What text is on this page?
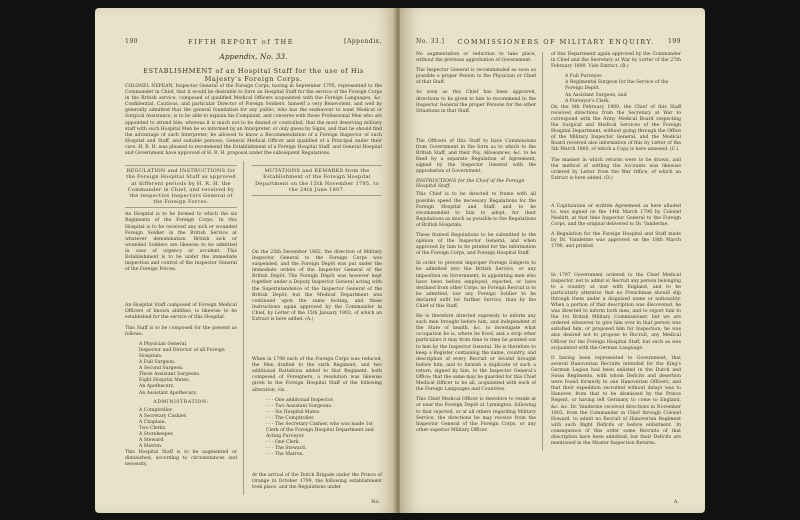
190	FIFTH REPORT of THE	[Appendix,
Appendix, No. 33.
ESTABLISHMENT of an Hospital Staff for the use of His Majesty's Foreign Corps.

COLONEL NEPEAN, Inspector General of the Foreign Corps, having in September 1795, represented to the Commander in Chief, that it would be desirable to form an Hospital Staff for the service of the Foreign Corps in the British service, composed of qualified Medical Officers acquainted with the Foreign Languages, &c. Confidential, Cautious, and particular Director of Foreign Soldiers, himself a very Benevolent, and well by generally admitted that the general foundation for any public, who has the endeavour to want Medical or Surgical Assistance, is to be able to explain his Complaint, and converse with those Professional Men who are appointed to attend him; whereas it is much not to be denied or controlled, that the most deserving military staff with such Hospital Men be so informed by an Interpreter, or only guess by Signs, and that he should find the advantage of such Interpreter, be allowed to know a Recommendation of a Foreign Inspector of such Hospital and Staff, and suitable persons, General Medical Officer and qualified of a Principal under their care. H. R. H. was pleased to recommend the Establishment of a Foreign Hospital Staff, and General Hospital and Government have approved of H. R. H. proposal under the subsequent Regulations.

REGULATION and INSTRUCTIONS for the Foreign Hospital Staff as approved at different periods by H. R. H. the Commander in Chief, and received by the respective Inspectors General of the Foreign Forces.

An Hospital is to be formed to which the six Regiments of the Foreign Corps. In this Hospital is to be received any sick or wounded Foreign Soldier in the British Service at whatever denomination. British sick or wounded Soldiers are likewise to be admitted in case of urgency or accident. This Establishment is to be under the immediate inspection and control of the Inspector General of the Foreign Forces.

An Hospital Staff composed of Foreign Medical Officers of known abilities, is likewise to be established for the service of this Hospital.

This Staff is to be composed for the present as follows:

A Physician General.
Inspector and Director of all Foreign Hospitals.
A Full Surgeon.
A Second Surgeon.
Three Assistant Surgeons.
Eight Hospital Mates.
An Apothecary.
An Assistant Apothecary.
ADMINISTRATION:
A Comptroller.
A Secretary Cashier.
A Chaplain.
Two Clerks.
A Storekeeper.
A Steward.
A Matron.

This Hospital Staff is to be augmented or diminished, according to circumstances and necessity.

MUTATIONS and REMARKS from the Establishment of the Foreign Hospital Department on the 15th November 1795, to the 24th June 1807.

On the 25th December 1802, the direction of Military Inspector General to the Foreign Corps was suspended, and the Foreign Depôt was put under the immediate orders of the Inspector General of the British Depôt. The Foreign Depôt was however kept together under a Deputy Inspector General acting with the Superintendence of the Inspector General of the British Depôt, but the Medical Department was continued upon the same footing, and these Instructions again approved by the Commander in Chief, by Letter of the 15th January 1803, of which an Extract is here added. (A.)

When in 1798 each of the Foreign Corps was reduced, the Men drafted to the sixth Regiment, and two additional Battalions added to that Regiment, both composed of Foreigners, a resolution was likewise given to the Foreign Hospital Staff of the following alteration, viz.

- - - One additional Inspector.
- - - Two Assistant Surgeons.
- - - Six Hospital Mates.
- - - The Comptroller.
- - - The Secretary Cashier, who was made 1st Clerk of the Foreign Hospital Department and Acting Purveyor.
- - - One Clerk.
- - - The Steward.
- - - The Matron.

At the arrival of the Dutch Brigade under the Prince of Orange in October 1799, the following establishment took place, and the Regulations under

No.
No. 33.] COMMISSIONERS OF MILITARY ENQUIRY. 199

No augmentation or reduction to take place, without the previous approbation of Government.

The Inspector General is recommended as soon as possible a proper Person to the Physician or Chief of that Staff.

As soon as this Chief has been approved, directions to be given to him to recommend to the Inspector General the proper Persons for the other Situations in that Staff.

The Officers of this Staff to have Commissions from Government in the form as to which to the British Staff, and their Pay, Allowances, &c. to be fixed by a separate Regulation of Agreement, signed by the Inspector General with the approbation of Government.

INSTRUCTIONS for the Chief of the Foreign Hospital Staff.

This Chief is to be directed to frame with all possible speed the necessary Regulations for the Foreign Hospital and Staff, and to be recommended to him to adopt, for their Regulations as much as possible to the Regulations of British Hospitals.

These framed Regulations to be submitted to the opinion of the Inspector General; and when approved by him to be printed for the information of the Foreign Corps, and Foreign Hospital Staff.

In order to prevent improper Foreign Subjects to be admitted into the British Service, or any imposition on Government, in appointing men who have been before employed, rejected, or have declined from other Corps, no Foreign Recruit is to be admitted, nor any Foreign Soldier to be declared unfit for further Service, than by the Chief of this Staff.

He is therefore directed expressly to inform any such men brought before him, and independent of the State of health, &c. to investigate what occupation he is, where he lived, and a strip other particulars it may from time to time be pointed out to him by the Inspector General. He is therefore to keep a Register containing the name, country, and description of every Recruit or Invalid brought before him, and to furnish a duplicate of such a return, signed by him, to the Inspector General's Office; that the same may be guarded for this Chief Medical Officer to be all, acquainted with each of the Foreign Languages and Countries.

This Chief Medical Officer is therefore to reside at or near the Foreign Depôt at Lymington, following to that rejected, or at all others regarding Military Service, the directions he may receive from the Inspector General of the Foreign Corps, or any other superior Military Officer.

of this Department again approved by the Commander in Chief and the Secretary at War by Letter of the 27th February 1800. Vide Extract. (B.)

A Full Purveyor.
A Regimental Surgeon for the Service of the Foreign Depôt.
An Assistant Surgeon, and
A Purveyor's Clerk.

On the 8th February 1800, the Chief of this Staff received directions from the Secretary at War to correspond with the Army Medical Board respecting the Surgical and Medical Services of the Foreign Hospital Department, without going through the Office of the Military Inspector General, and the Medical Board received also information of this by Letter of the 5th March 1800, of which a Copy is here annexed. (C.)

The manner in which returns were to be drawn, and the method of settling the Accounts was likewise ordered by Letter from the War Office, of which an Extract is here added. (D.)

A Capitulation or written Agreement as here alluded to, was signed on the 14th March 1796 by Colonel Nesbitt, at that time Inspector General to the Foreign Corps, and the original delivered to Dr. Vanderme.

A Regulation for the Foreign Hospital and Staff made by Dr. Vanderme was approved on the 18th March 1796, and printed.

In 1797 Government ordered to the Chief Medical Inspector, not to admit or Recruit any person belonging to a country at war with England, and to be particularly attentive that no Frenchman should slip through them under a disguised name or nationality. When a portion of that description was discovered, he was directed to inform both men, and to report him to the 1st British Military Commissioner, but we are ordered whenever to give him over in that person was satisfied him, or proposed him for Inspection; he was also desired not to propose to Recruit, any Medical Officer for the Foreign Hospital Staff, but such as was acquainted with the German Language.

It having been represented to Government, that several Hanoverian Recruits intended for the King's German Legion had been enlisted in the Dutch and Swiss Regiments, with whom Deficits and desertion were found formerly to one Hanoverian Officers, and that their expedition recruited without delays was to Hanover, from that to be dismissed by the Prince Regent, or having left Germany to come to England, &c. &c. Dr. Vanderme received directions in November 1803, from the Commander in Chief through Colonel Howard, to admit no Recruit of Hanoverian Regiment with such Right Deficits or before enlistment. In consequence of this order some Recruits of that description have been admitted; but their Deficits are mentioned in the Muster Inspection Returns.

A.
